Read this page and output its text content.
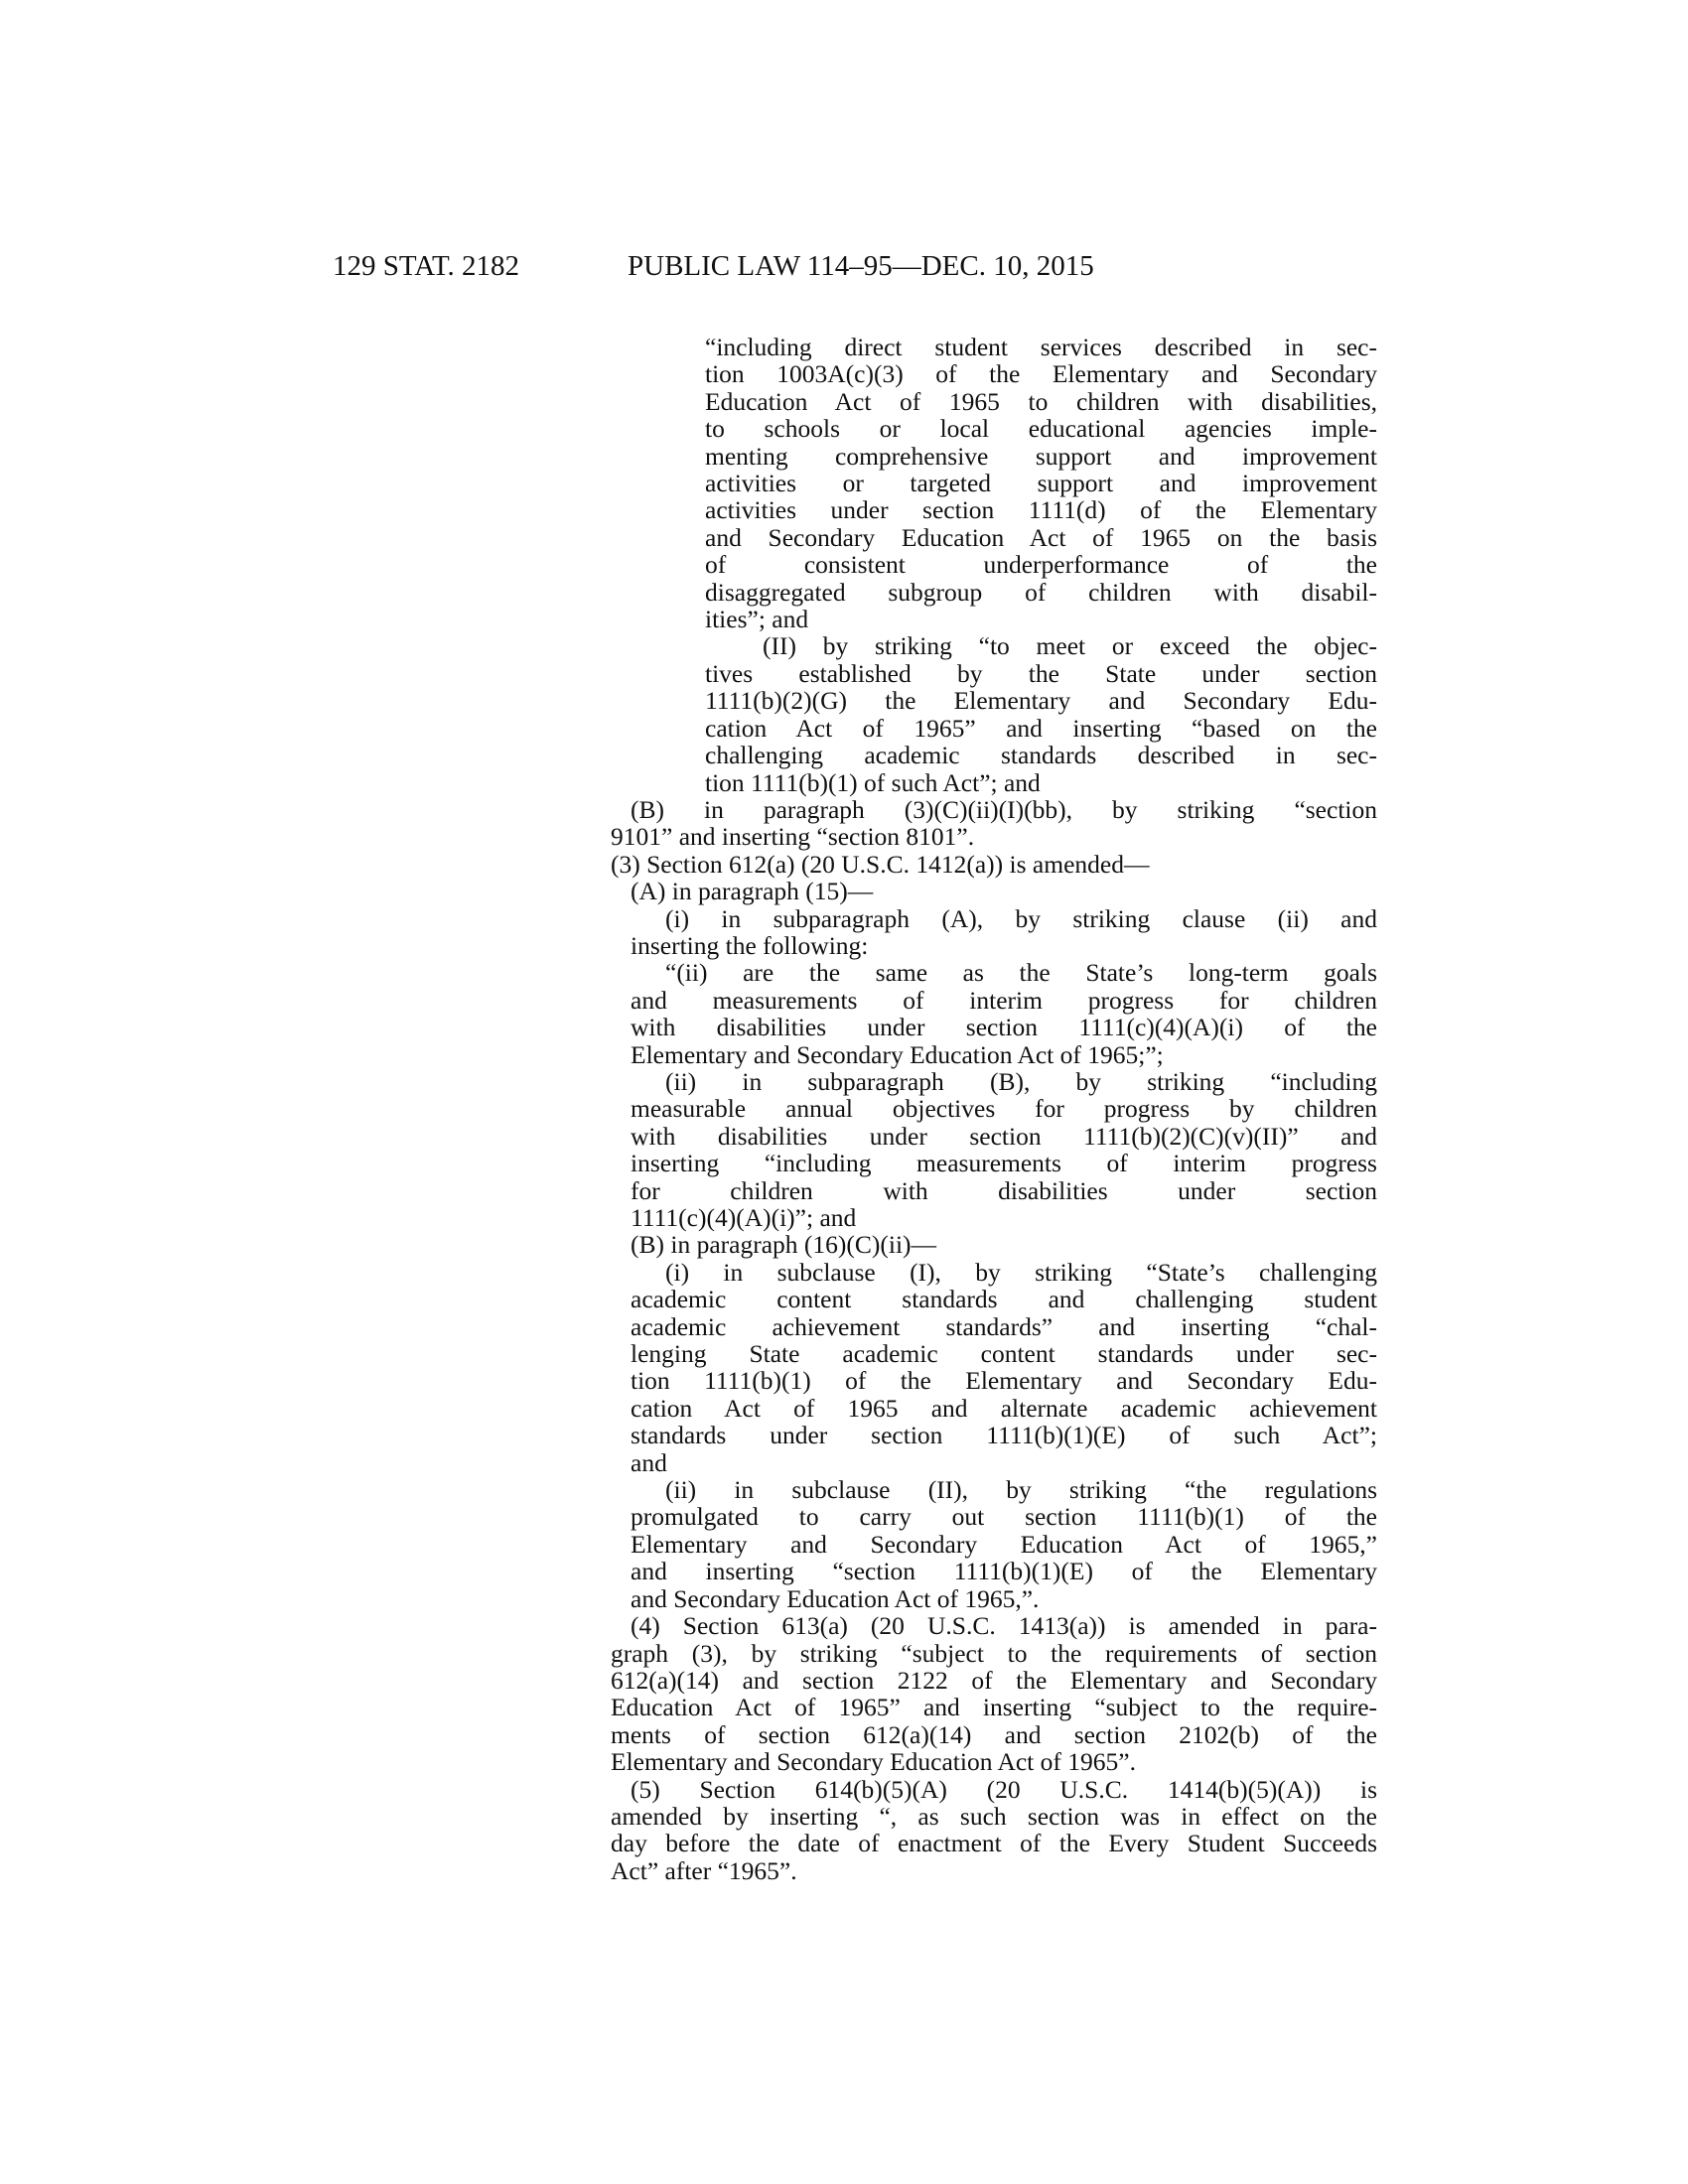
129 STAT. 2182	PUBLIC LAW 114–95—DEC. 10, 2015
“including direct student services described in sec-
tion 1003A(c)(3) of the Elementary and Secondary
Education Act of 1965 to children with disabilities,
to schools or local educational agencies imple-
menting comprehensive support and improvement
activities or targeted support and improvement
activities under section 1111(d) of the Elementary
and Secondary Education Act of 1965 on the basis
of consistent underperformance of the
disaggregated subgroup of children with disabil-
ities”; and
(II) by striking “to meet or exceed the objec-
tives established by the State under section
1111(b)(2)(G) the Elementary and Secondary Edu-
cation Act of 1965” and inserting “based on the
challenging academic standards described in sec-
tion 1111(b)(1) of such Act”; and
(B) in paragraph (3)(C)(ii)(I)(bb), by striking “section
9101” and inserting “section 8101”.
(3) Section 612(a) (20 U.S.C. 1412(a)) is amended—
(A) in paragraph (15)—
(i) in subparagraph (A), by striking clause (ii) and
inserting the following:
“(ii) are the same as the State’s long-term goals
and measurements of interim progress for children
with disabilities under section 1111(c)(4)(A)(i) of the
Elementary and Secondary Education Act of 1965;”;
(ii) in subparagraph (B), by striking “including
measurable annual objectives for progress by children
with disabilities under section 1111(b)(2)(C)(v)(II)” and
inserting “including measurements of interim progress
for children with disabilities under section
1111(c)(4)(A)(i)”; and
(B) in paragraph (16)(C)(ii)—
(i) in subclause (I), by striking “State’s challenging
academic content standards and challenging student
academic achievement standards” and inserting “chal-
lenging State academic content standards under sec-
tion 1111(b)(1) of the Elementary and Secondary Edu-
cation Act of 1965 and alternate academic achievement
standards under section 1111(b)(1)(E) of such Act”;
and
(ii) in subclause (II), by striking “the regulations
promulgated to carry out section 1111(b)(1) of the
Elementary and Secondary Education Act of 1965,”
and inserting “section 1111(b)(1)(E) of the Elementary
and Secondary Education Act of 1965,”.
(4) Section 613(a) (20 U.S.C. 1413(a)) is amended in para-
graph (3), by striking “subject to the requirements of section
612(a)(14) and section 2122 of the Elementary and Secondary
Education Act of 1965” and inserting “subject to the require-
ments of section 612(a)(14) and section 2102(b) of the
Elementary and Secondary Education Act of 1965”.
(5) Section 614(b)(5)(A) (20 U.S.C. 1414(b)(5)(A)) is
amended by inserting “, as such section was in effect on the
day before the date of enactment of the Every Student Succeeds
Act” after “1965”.
